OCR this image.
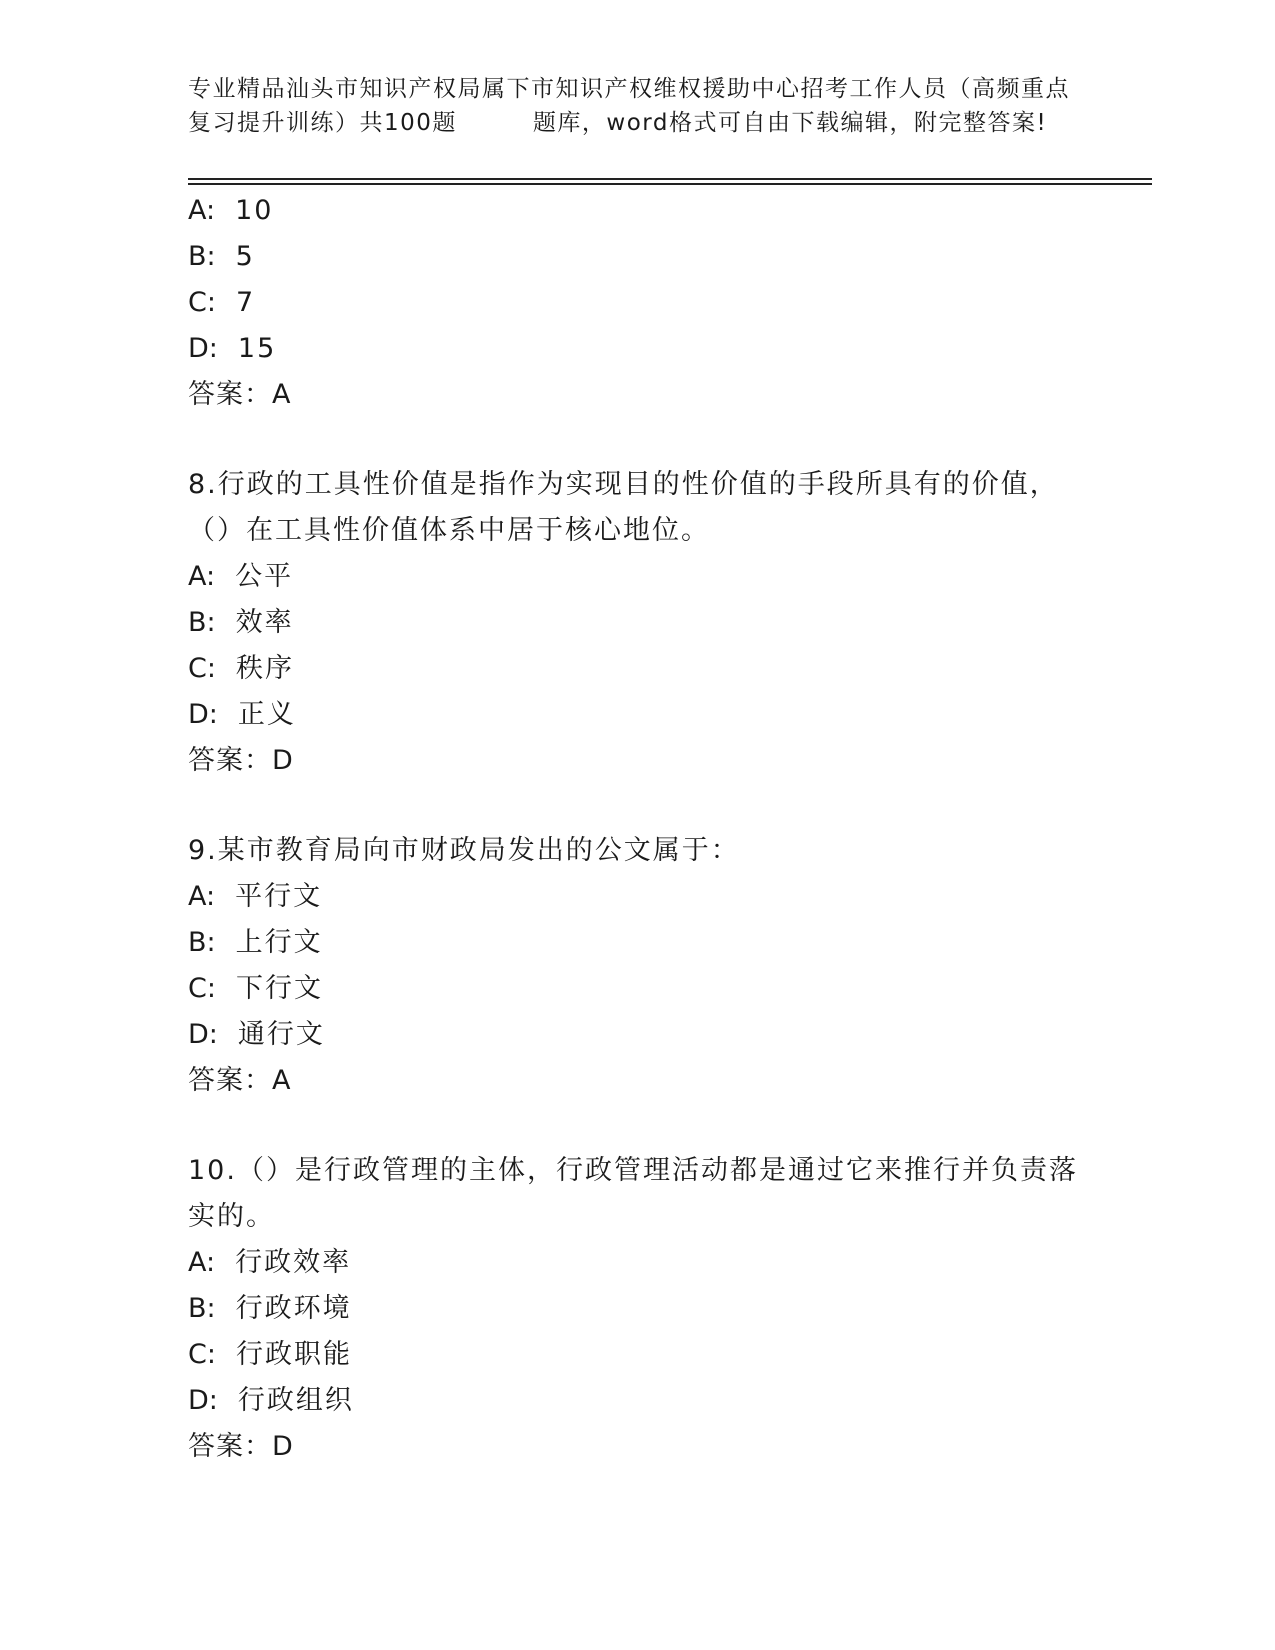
专业精品汕头市知识产权局属下市知识产权维权援助中心招考工作人员（高频重点
复习提升训练）共100题	题库，word格式可自由下载编辑，附完整答案!
A: 10
B: 5
C: 7
D: 15
答案：A
8.行政的工具性价值是指作为实现目的性价值的手段所具有的价值，
（）在工具性价值体系中居于核心地位。
A: 公平
B: 效率
C: 秩序
D: 正义
答案：D
9.某市教育局向市财政局发出的公文属于：
A: 平行文
B: 上行文
C: 下行文
D: 通行文
答案：A
10.（）是行政管理的主体，行政管理活动都是通过它来推行并负责落
实的。
A: 行政效率
B: 行政环境
C: 行政职能
D: 行政组织
答案：D
